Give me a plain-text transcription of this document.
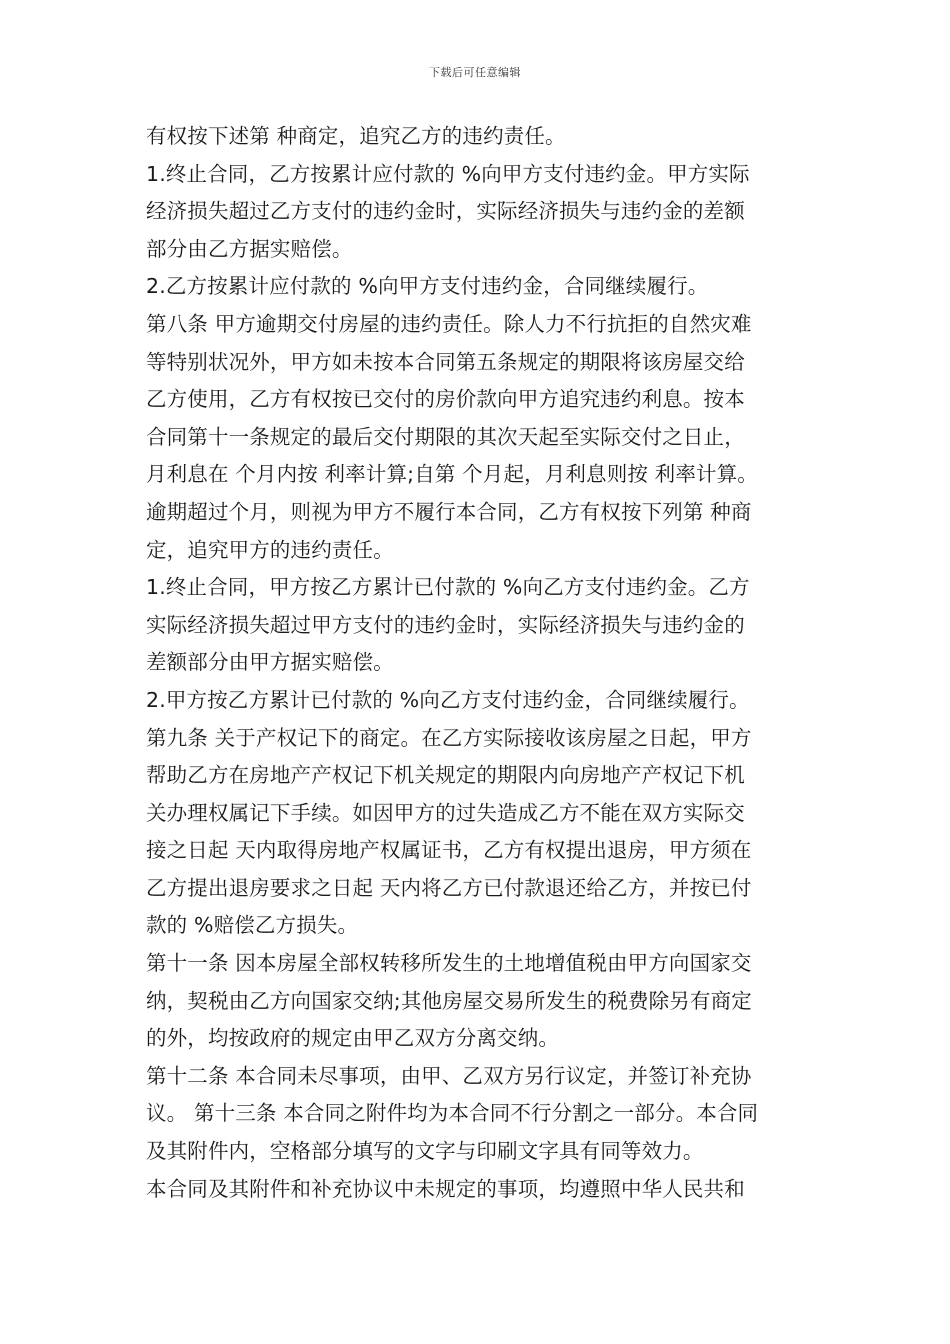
下载后可任意编辑
有权按下述第 种商定，追究乙方的违约责任。
1.终止合同，乙方按累计应付款的 %向甲方支付违约金。甲方实际
经济损失超过乙方支付的违约金时，实际经济损失与违约金的差额
部分由乙方据实赔偿。
2.乙方按累计应付款的 %向甲方支付违约金，合同继续履行。
第八条 甲方逾期交付房屋的违约责任。除人力不行抗拒的自然灾难
等特别状况外，甲方如未按本合同第五条规定的期限将该房屋交给
乙方使用，乙方有权按已交付的房价款向甲方追究违约利息。按本
合同第十一条规定的最后交付期限的其次天起至实际交付之日止，
月利息在 个月内按 利率计算;自第 个月起，月利息则按 利率计算。
逾期超过个月，则视为甲方不履行本合同，乙方有权按下列第 种商
定，追究甲方的违约责任。
1.终止合同，甲方按乙方累计已付款的 %向乙方支付违约金。乙方
实际经济损失超过甲方支付的违约金时，实际经济损失与违约金的
差额部分由甲方据实赔偿。
2.甲方按乙方累计已付款的 %向乙方支付违约金，合同继续履行。
第九条 关于产权记下的商定。在乙方实际接收该房屋之日起，甲方
帮助乙方在房地产产权记下机关规定的期限内向房地产产权记下机
关办理权属记下手续。如因甲方的过失造成乙方不能在双方实际交
接之日起 天内取得房地产权属证书，乙方有权提出退房，甲方须在
乙方提出退房要求之日起 天内将乙方已付款退还给乙方，并按已付
款的 %赔偿乙方损失。
第十一条 因本房屋全部权转移所发生的土地增值税由甲方向国家交
纳，契税由乙方向国家交纳;其他房屋交易所发生的税费除另有商定
的外，均按政府的规定由甲乙双方分离交纳。
第十二条 本合同未尽事项，由甲、乙双方另行议定，并签订补充协
议。 第十三条 本合同之附件均为本合同不行分割之一部分。本合同
及其附件内，空格部分填写的文字与印刷文字具有同等效力。
本合同及其附件和补充协议中未规定的事项，均遵照中华人民共和
